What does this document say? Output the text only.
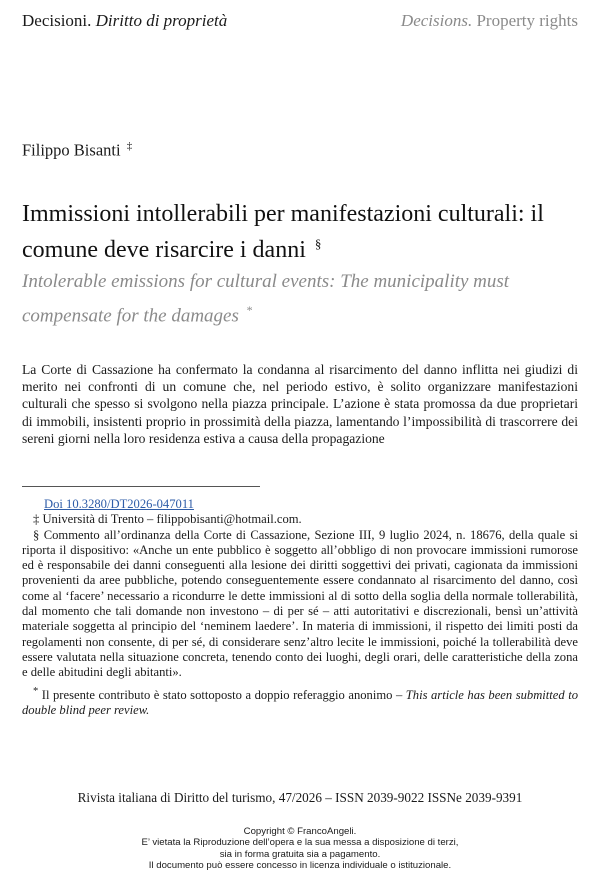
Decisioni. Diritto di proprietà	Decisions. Property rights
Filippo Bisanti ‡
Immissioni intollerabili per manifestazioni culturali: il comune deve risarcire i danni §
Intolerable emissions for cultural events: The municipality must compensate for the damages *

La Corte di Cassazione ha confermato la condanna al risarcimento del danno inflitta nei giudizi di merito nei confronti di un comune che, nel periodo estivo, è solito organizzare manifestazioni culturali che spesso si svolgono nella piazza principale. L’azione è stata promossa da due proprietari di immobili, insistenti proprio in prossimità della piazza, lamentando l’impossibilità di trascorrere dei sereni giorni nella loro residenza estiva a causa della propagazione

Doi 10.3280/DT2026-047011

‡ Università di Trento – filippobisanti@hotmail.com.

§ Commento all’ordinanza della Corte di Cassazione, Sezione III, 9 luglio 2024, n. 18676, della quale si riporta il dispositivo: «Anche un ente pubblico è soggetto all’obbligo di non provocare immissioni rumorose ed è responsabile dei danni conseguenti alla lesione dei diritti soggettivi dei privati, cagionata da immissioni provenienti da aree pubbliche, potendo conseguentemente essere condannato al risarcimento del danno, così come al ‘facere’ necessario a ricondurre le dette immissioni al di sotto della soglia della normale tollerabilità, dal momento che tali domande non investono – di per sé – atti autoritativi e discrezionali, bensì un’attività materiale soggetta al principio del ‘neminem laedere’. In materia di immissioni, il rispetto dei limiti posti da regolamenti non consente, di per sé, di considerare senz’altro lecite le immissioni, poiché la tollerabilità deve essere valutata nella situazione concreta, tenendo conto dei luoghi, degli orari, delle caratteristiche della zona e delle abitudini degli abitanti».

* Il presente contributo è stato sottoposto a doppio referaggio anonimo – This article has been submitted to double blind peer review.

Rivista italiana di Diritto del turismo, 47/2026 – ISSN 2039-9022 ISSNe 2039-9391
Copyright © FrancoAngeli.
E’ vietata la Riproduzione dell’opera e la sua messa a disposizione di terzi,
sia in forma gratuita sia a pagamento.
Il documento può essere concesso in licenza individuale o istituzionale.
